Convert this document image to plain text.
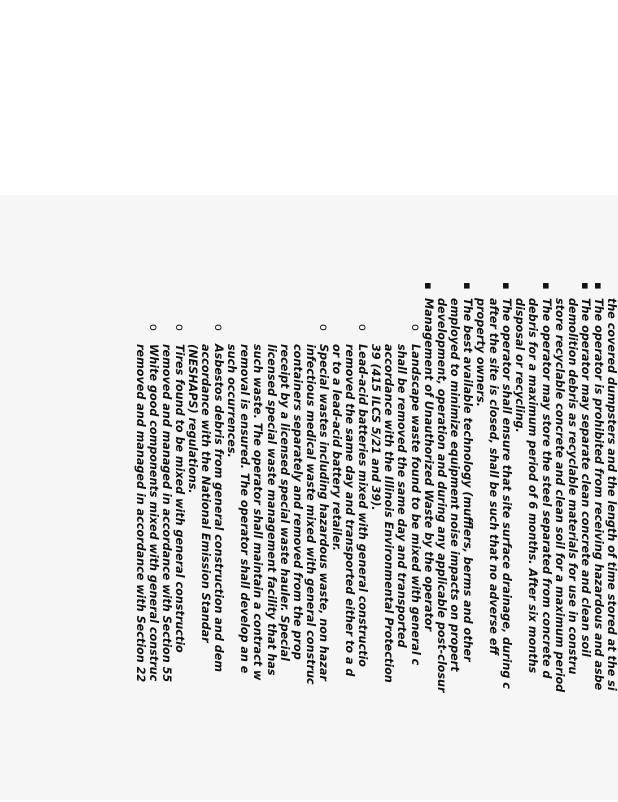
the covered dumpsters and the length of time stored at the si
▪
The operator is prohibited from receiving hazardous and asbe
▪
The operator may separate clean concrete and clean soil
demolition debris as recyclable materials for use in constru
store recyclable concrete and clean soil for a maximum period
▪
The operator may store the steel separated from concrete d
debris for a maximum period of 6 months. After six months
disposal or recycling.
▪
The operator shall ensure that site surface drainage, during c
after the site is closed, shall be such that no adverse eff
property owners.
▪
The best available technology (mufflers, berms and other
employed to minimize equipment noise impacts on propert
development, operation and during any applicable post-closur
▪
Management of Unauthorized Waste by the operator
o
Landscape waste found to be mixed with general c
shall be removed the same day and transported
accordance with the Illinois Environmental Protection
39 (415 ILCS 5/21 and 39).
o
Lead-acid batteries mixed with general constructio
removed the same day and transported either to a d
or to a lead-acid battery retailer.
o
Special wastes including hazardous waste, non hazar
infectious medical waste mixed with general construc
containers separately and removed from the prop
receipt by a licensed special waste hauler. Special
licensed special waste management facility that has
such waste. The operator shall maintain a contract w
removal is ensured. The operator shall develop an e
such occurrences.
o
Asbestos debris from general construction and dem
accordance with the National Emission Standar
(NESHAPS) regulations.
o
Tires found to be mixed with general constructio
removed and managed in accordance with Section 55
o
White good components mixed with general construc
removed and managed in accordance with Section 22
